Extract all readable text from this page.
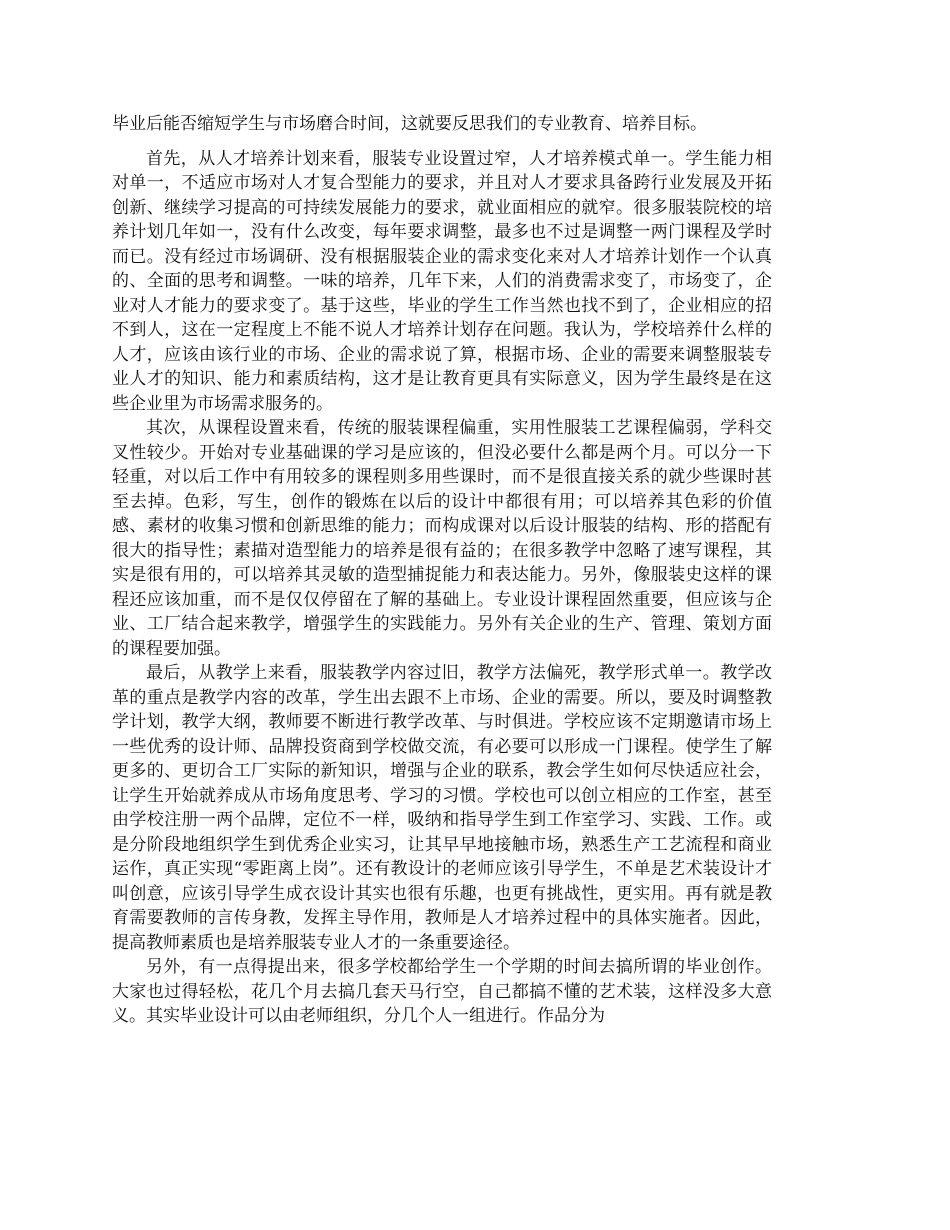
毕业后能否缩短学生与市场磨合时间，这就要反思我们的专业教育、培养目标。

首先，从人才培养计划来看，服装专业设置过窄，人才培养模式单一。学生能力相对单一，不适应市场对人才复合型能力的要求，并且对人才要求具备跨行业发展及开拓创新、继续学习提高的可持续发展能力的要求，就业面相应的就窄。很多服装院校的培养计划几年如一，没有什么改变，每年要求调整，最多也不过是调整一两门课程及学时而已。没有经过市场调研、没有根据服装企业的需求变化来对人才培养计划作一个认真的、全面的思考和调整。一味的培养，几年下来，人们的消费需求变了，市场变了，企业对人才能力的要求变了。基于这些，毕业的学生工作当然也找不到了，企业相应的招不到人，这在一定程度上不能不说人才培养计划存在问题。我认为，学校培养什么样的人才，应该由该行业的市场、企业的需求说了算，根据市场、企业的需要来调整服装专业人才的知识、能力和素质结构，这才是让教育更具有实际意义，因为学生最终是在这些企业里为市场需求服务的。

其次，从课程设置来看，传统的服装课程偏重，实用性服装工艺课程偏弱，学科交叉性较少。开始对专业基础课的学习是应该的，但没必要什么都是两个月。可以分一下轻重，对以后工作中有用较多的课程则多用些课时，而不是很直接关系的就少些课时甚至去掉。色彩，写生，创作的锻炼在以后的设计中都很有用；可以培养其色彩的价值感、素材的收集习惯和创新思维的能力；而构成课对以后设计服装的结构、形的搭配有很大的指导性；素描对造型能力的培养是很有益的；在很多教学中忽略了速写课程，其实是很有用的，可以培养其灵敏的造型捕捉能力和表达能力。另外，像服装史这样的课程还应该加重，而不是仅仅停留在了解的基础上。专业设计课程固然重要，但应该与企业、工厂结合起来教学，增强学生的实践能力。另外有关企业的生产、管理、策划方面的课程要加强。

最后，从教学上来看，服装教学内容过旧，教学方法偏死，教学形式单一。教学改革的重点是教学内容的改革，学生出去跟不上市场、企业的需要。所以，要及时调整教学计划，教学大纲，教师要不断进行教学改革、与时俱进。学校应该不定期邀请市场上一些优秀的设计师、品牌投资商到学校做交流，有必要可以形成一门课程。使学生了解更多的、更切合工厂实际的新知识，增强与企业的联系，教会学生如何尽快适应社会，让学生开始就养成从市场角度思考、学习的习惯。学校也可以创立相应的工作室，甚至由学校注册一两个品牌，定位不一样，吸纳和指导学生到工作室学习、实践、工作。或是分阶段地组织学生到优秀企业实习，让其早早地接触市场，熟悉生产工艺流程和商业运作，真正实现“零距离上岗”。还有教设计的老师应该引导学生，不单是艺术装设计才叫创意，应该引导学生成衣设计其实也很有乐趣，也更有挑战性，更实用。再有就是教育需要教师的言传身教，发挥主导作用，教师是人才培养过程中的具体实施者。因此，提高教师素质也是培养服装专业人才的一条重要途径。

另外，有一点得提出来，很多学校都给学生一个学期的时间去搞所谓的毕业创作。大家也过得轻松，花几个月去搞几套天马行空，自己都搞不懂的艺术装，这样没多大意义。其实毕业设计可以由老师组织，分几个人一组进行。作品分为
